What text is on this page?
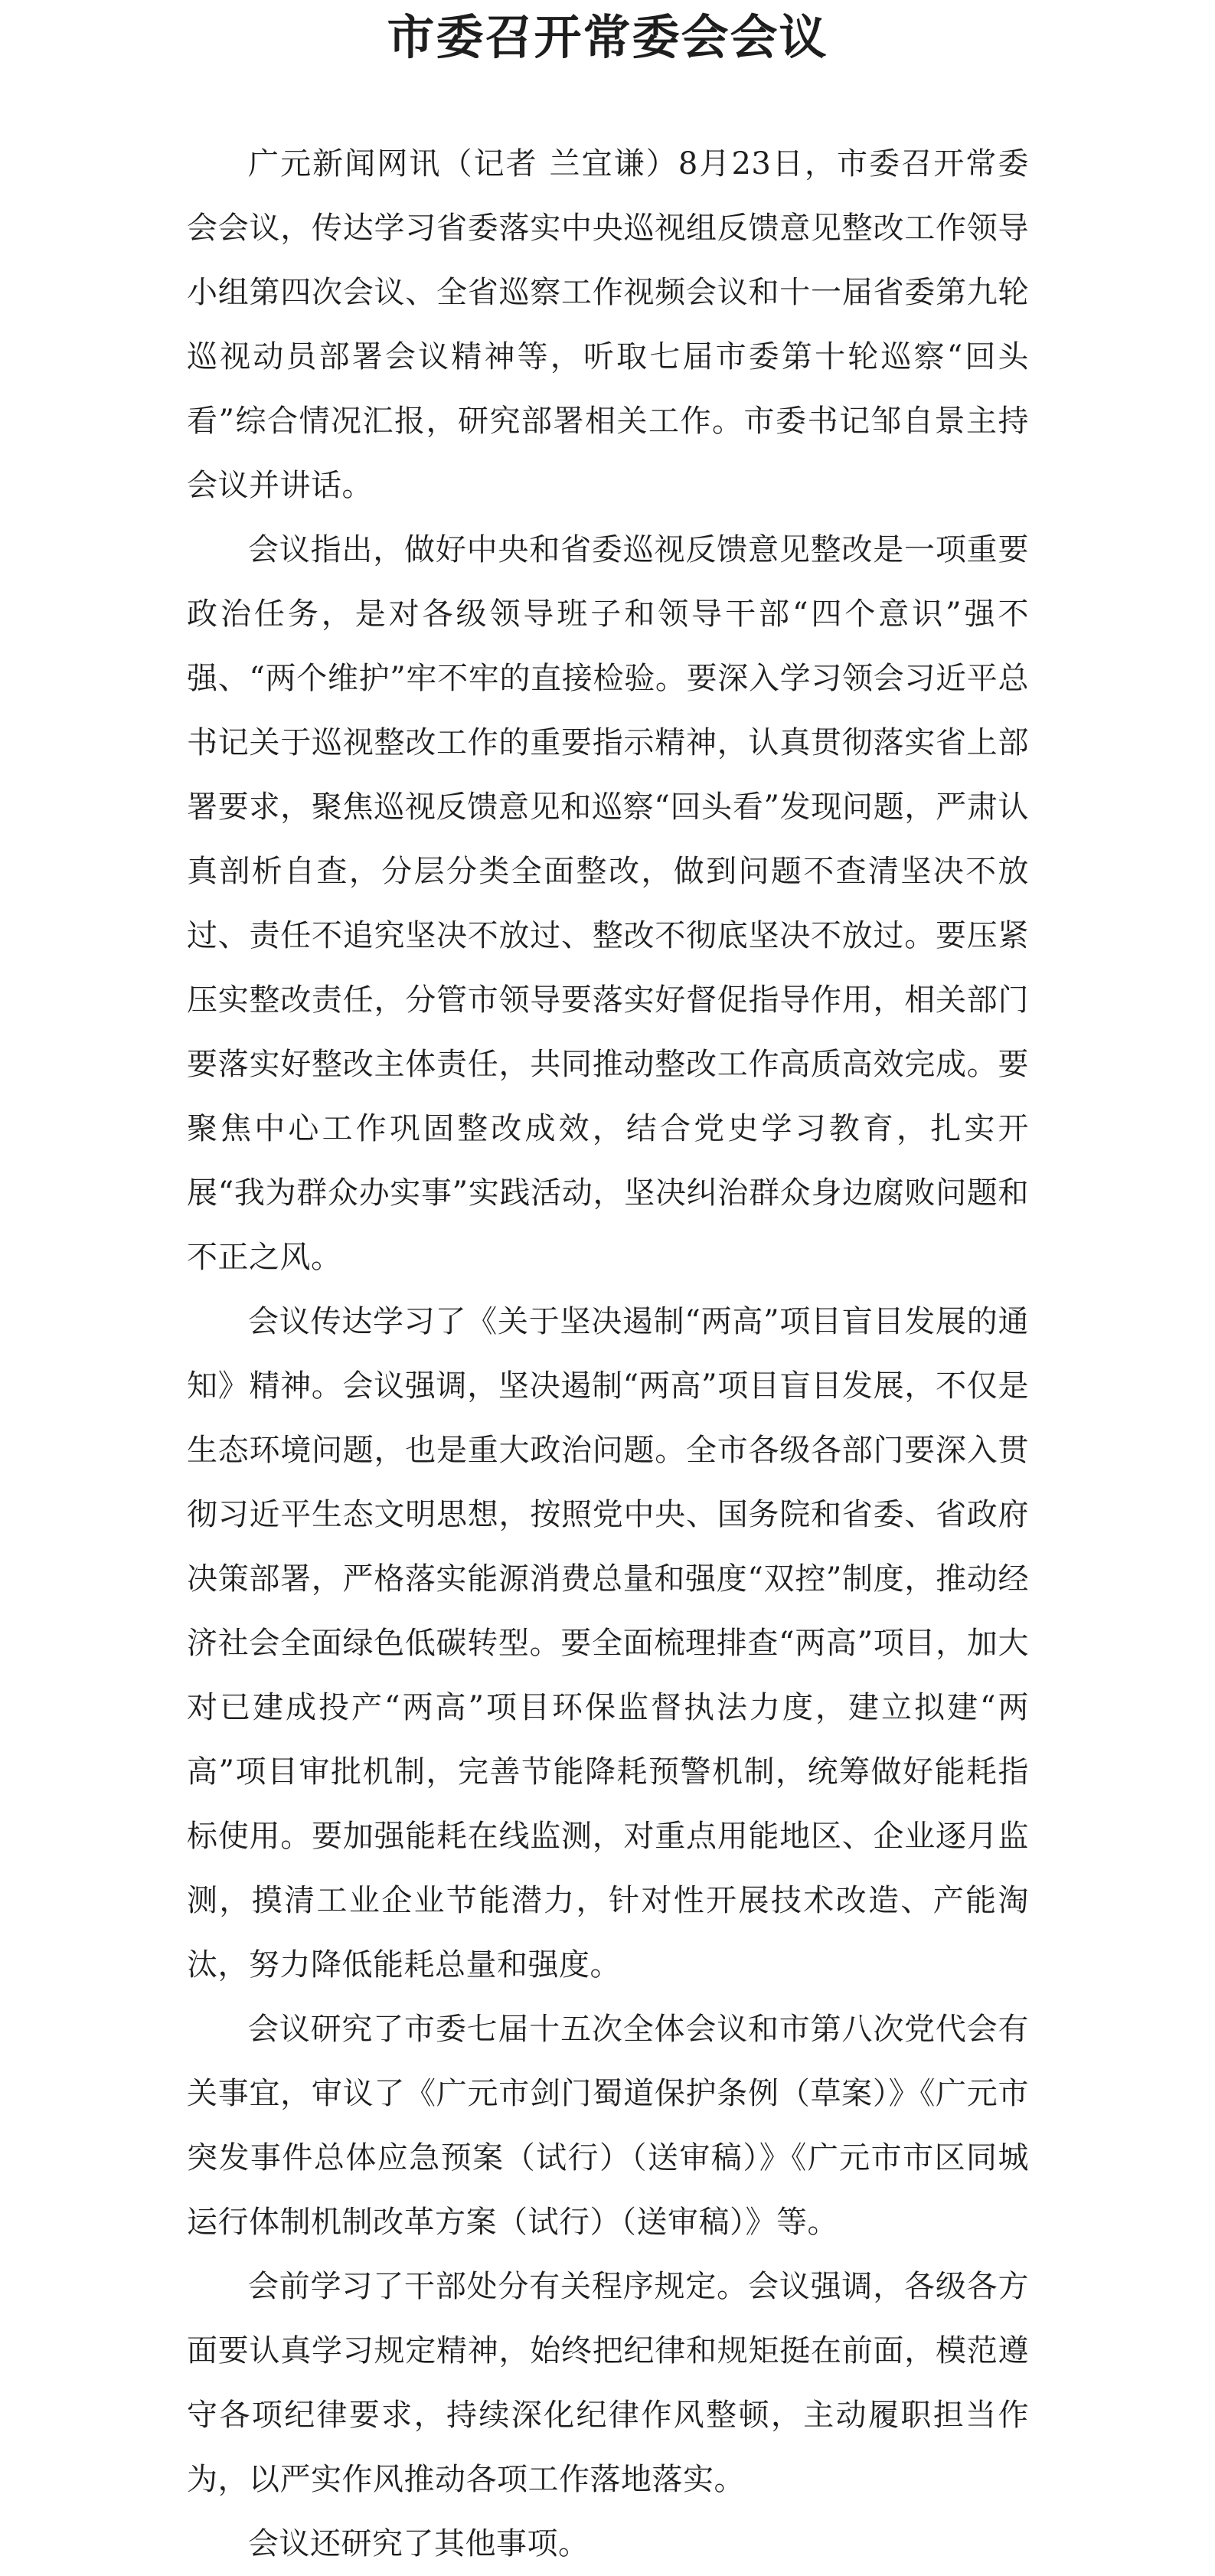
市委召开常委会会议

广元新闻网讯（记者 兰宜谦）8月23日，市委召开常委会会议，传达学习省委落实中央巡视组反馈意见整改工作领导小组第四次会议、全省巡察工作视频会议和十一届省委第九轮巡视动员部署会议精神等，听取七届市委第十轮巡察“回头看”综合情况汇报，研究部署相关工作。市委书记邹自景主持会议并讲话。

会议指出，做好中央和省委巡视反馈意见整改是一项重要政治任务，是对各级领导班子和领导干部“四个意识”强不强、“两个维护”牢不牢的直接检验。要深入学习领会习近平总书记关于巡视整改工作的重要指示精神，认真贯彻落实省上部署要求，聚焦巡视反馈意见和巡察“回头看”发现问题，严肃认真剖析自查，分层分类全面整改，做到问题不查清坚决不放过、责任不追究坚决不放过、整改不彻底坚决不放过。要压紧压实整改责任，分管市领导要落实好督促指导作用，相关部门要落实好整改主体责任，共同推动整改工作高质高效完成。要聚焦中心工作巩固整改成效，结合党史学习教育，扎实开展“我为群众办实事”实践活动，坚决纠治群众身边腐败问题和不正之风。

会议传达学习了《关于坚决遏制“两高”项目盲目发展的通知》精神。会议强调，坚决遏制“两高”项目盲目发展，不仅是生态环境问题，也是重大政治问题。全市各级各部门要深入贯彻习近平生态文明思想，按照党中央、国务院和省委、省政府决策部署，严格落实能源消费总量和强度“双控”制度，推动经济社会全面绿色低碳转型。要全面梳理排查“两高”项目，加大对已建成投产“两高”项目环保监督执法力度，建立拟建“两高”项目审批机制，完善节能降耗预警机制，统筹做好能耗指标使用。要加强能耗在线监测，对重点用能地区、企业逐月监测，摸清工业企业节能潜力，针对性开展技术改造、产能淘汰，努力降低能耗总量和强度。

会议研究了市委七届十五次全体会议和市第八次党代会有关事宜，审议了《广元市剑门蜀道保护条例（草案）》《广元市突发事件总体应急预案（试行）（送审稿）》《广元市市区同城运行体制机制改革方案（试行）（送审稿）》等。

会前学习了干部处分有关程序规定。会议强调，各级各方面要认真学习规定精神，始终把纪律和规矩挺在前面，模范遵守各项纪律要求，持续深化纪律作风整顿，主动履职担当作为，以严实作风推动各项工作落地落实。

会议还研究了其他事项。
